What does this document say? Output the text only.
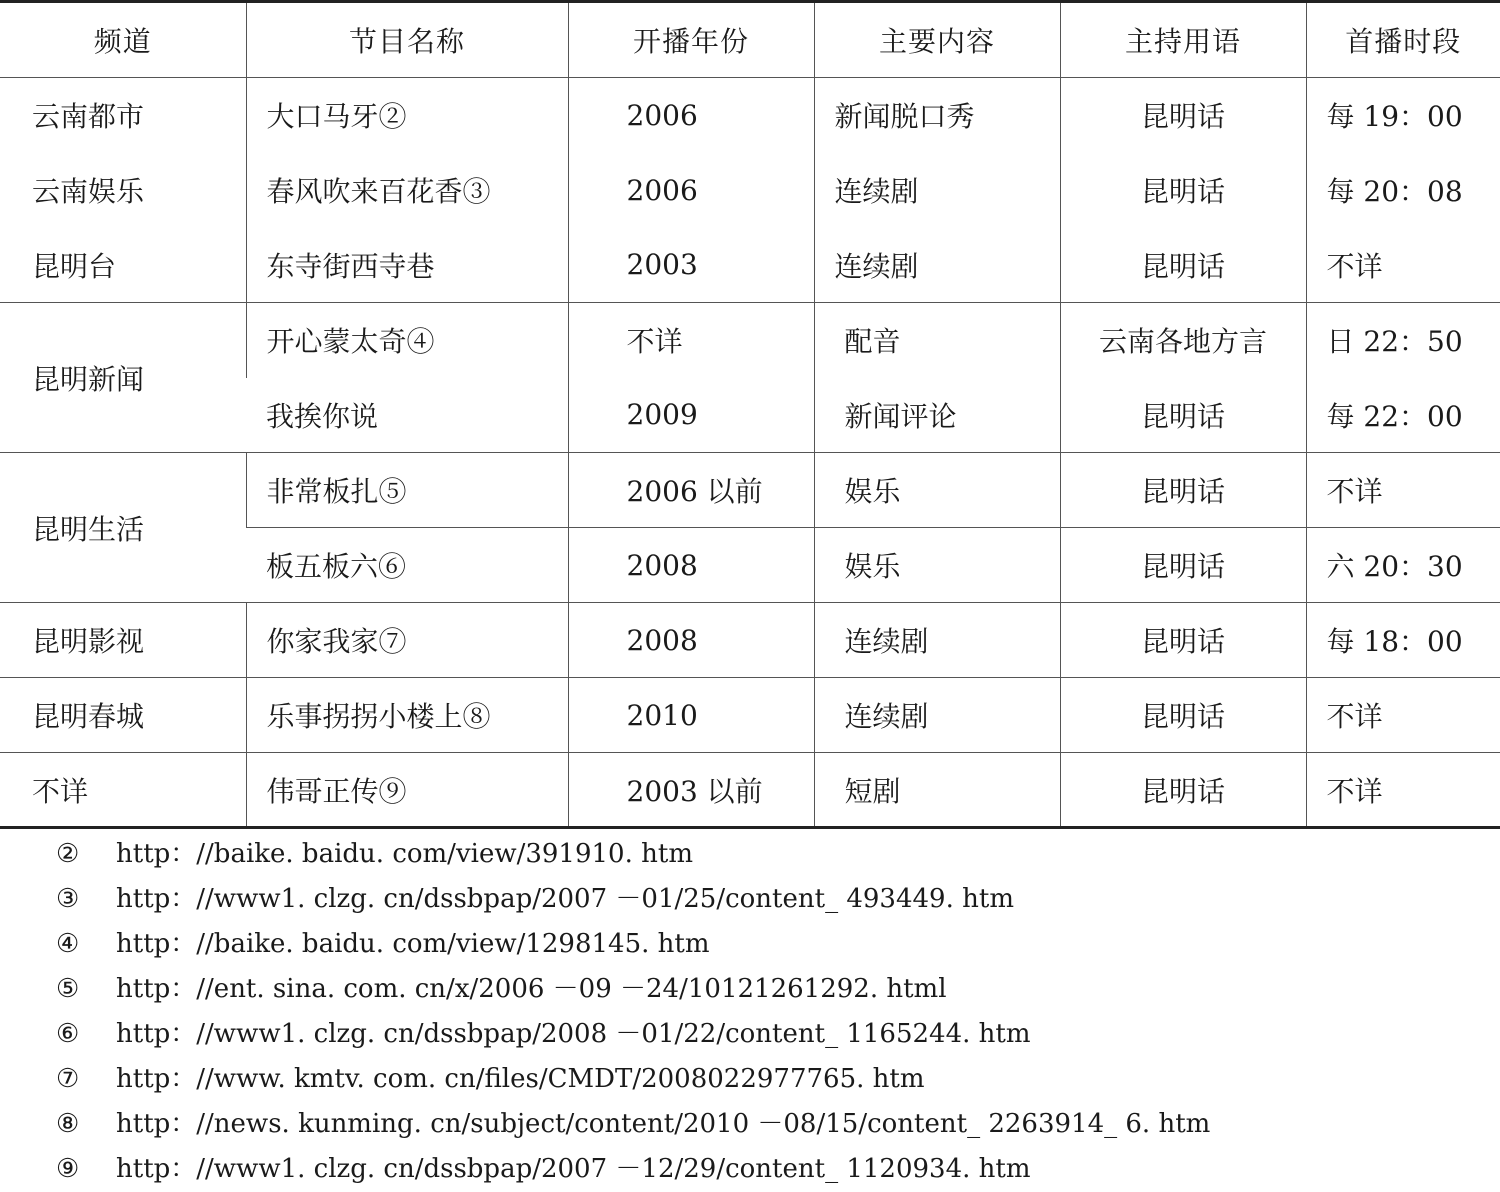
频道	节目名称	开播年份	主要内容	主持用语	首播时段
云南都市	大口马牙②	2006	新闻脱口秀	昆明话	每 19：00
云南娱乐	春风吹来百花香③	2006	连续剧	昆明话	每 20：08
昆明台	东寺街西寺巷	2003	连续剧	昆明话	不详
昆明新闻	开心蒙太奇④	不详	配音	云南各地方言	日 22：50
	我挨你说	2009	新闻评论	昆明话	每 22：00
昆明生活	非常板扎⑤	2006 以前	娱乐	昆明话	不详
	板五板六⑥	2008	娱乐	昆明话	六 20：30
昆明影视	你家我家⑦	2008	连续剧	昆明话	每 18：00
昆明春城	乐事拐拐小楼上⑧	2010	连续剧	昆明话	不详
不详	伟哥正传⑨	2003 以前	短剧	昆明话	不详
② http：//baike. baidu. com/view/391910. htm
③ http：//www1. clzg. cn/dssbpap/2007 －01/25/content_ 493449. htm
④ http：//baike. baidu. com/view/1298145. htm
⑤ http：//ent. sina. com. cn/x/2006 －09 －24/10121261292. html
⑥ http：//www1. clzg. cn/dssbpap/2008 －01/22/content_ 1165244. htm
⑦ http：//www. kmtv. com. cn/files/CMDT/2008022977765. htm
⑧ http：//news. kunming. cn/subject/content/2010 －08/15/content_ 2263914_ 6. htm
⑨ http：//www1. clzg. cn/dssbpap/2007 －12/29/content_ 1120934. htm
